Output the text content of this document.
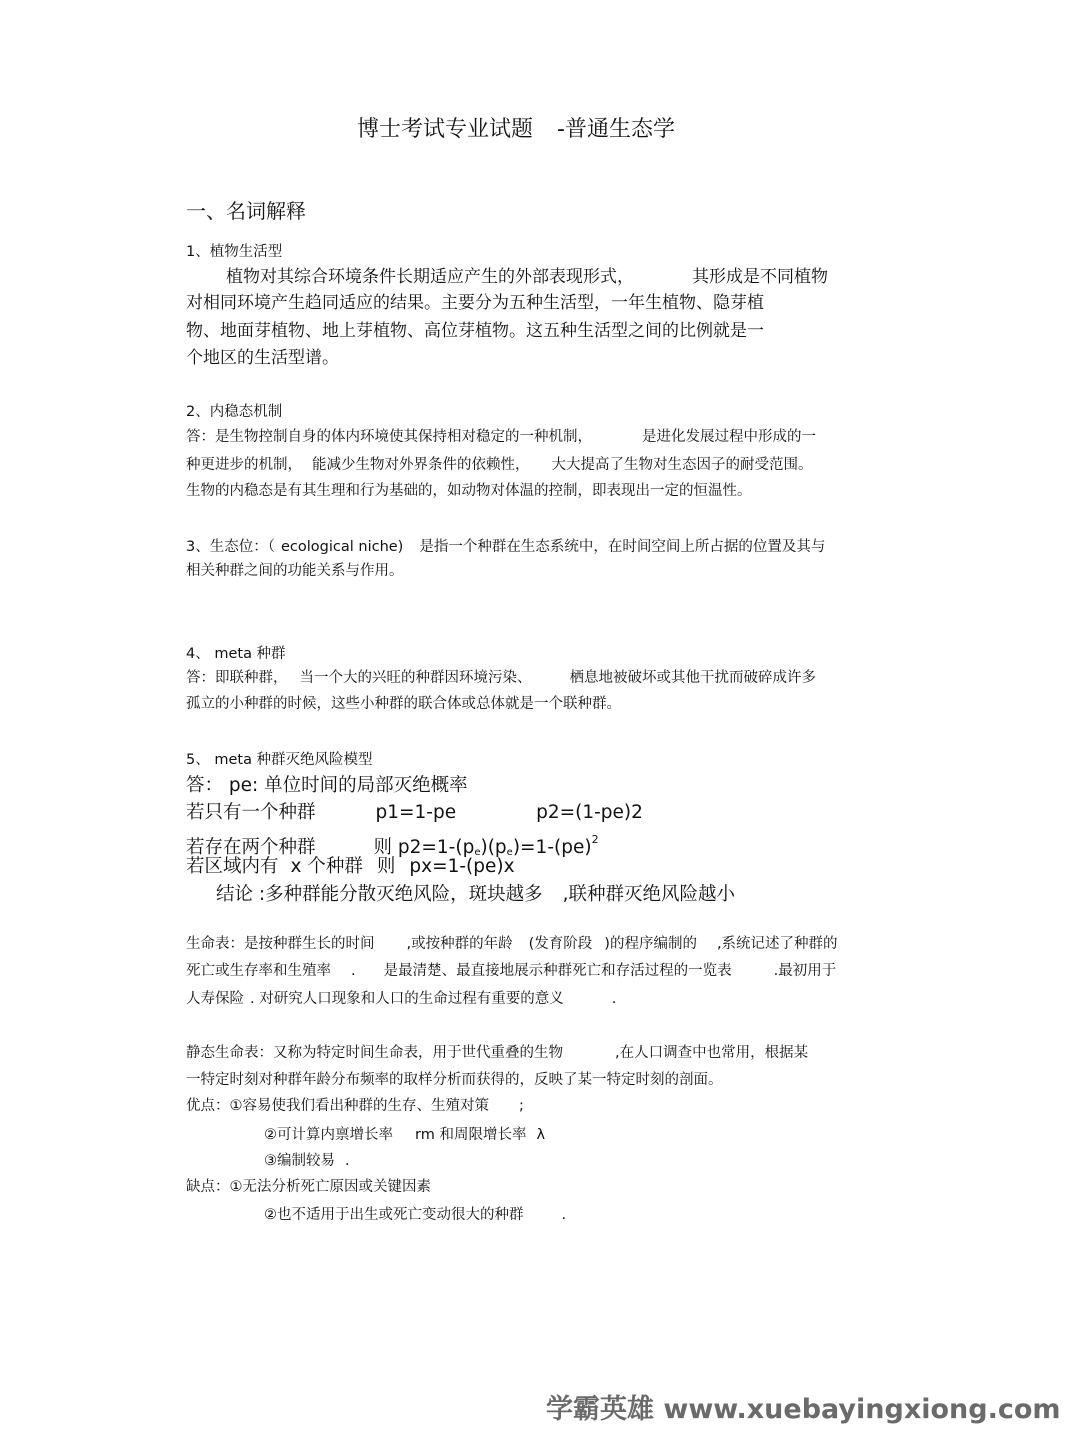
博士考试专业试题 -普通生态学
一、名词解释
1、植物生活型
植物对其综合环境条件长期适应产生的外部表现形式，	其形成是不同植物
对相同环境产生趋同适应的结果。主要分为五种生活型，一年生植物、隐芽植
物、地面芽植物、地上芽植物、高位芽植物。这五种生活型之间的比例就是一
个地区的生活型谱。
2、内稳态机制
答：是生物控制自身的体内环境使其保持相对稳定的一种机制，	是进化发展过程中形成的一
种更进步的机制， 能减少生物对外界条件的依赖性， 大大提高了生物对生态因子的耐受范围。
生物的内稳态是有其生理和行为基础的，如动物对体温的控制，即表现出一定的恒温性。
3、生态位：（ ecological niche) 是指一个种群在生态系统中，在时间空间上所占据的位置及其与
相关种群之间的功能关系与作用。
4、 meta 种群
答：即联种群， 当一个大的兴旺的种群因环境污染、	栖息地被破坏或其他干扰而破碎成许多
孤立的小种群的时候，这些小种群的联合体或总体就是一个联种群。
5、 meta 种群灭绝风险模型
答： pe: 单位时间的局部灭绝概率
若只有一个种群	p1=1-pe	p2=(1-pe)2
若存在两个种群	则 $p2=1-(p_e)(p_e)=1-(pe)^2$
若区域内有 x 个种群 则 px=1-(pe)x
结论 :多种群能分散灭绝风险，斑块越多 ,联种群灭绝风险越小
生命表：是按种群生长的时间 ,或按种群的年龄 (发育阶段 )的程序编制的 ,系统记述了种群的
死亡或生存率和生殖率 . 是最清楚、最直接地展示种群死亡和存活过程的一览表	.最初用于
人寿保险 . 对研究人口现象和人口的生命过程有重要的意义	.
静态生命表：又称为特定时间生命表，用于世代重叠的生物	,在人口调查中也常用，根据某
一特定时刻对种群年龄分布频率的取样分析而获得的，反映了某一特定时刻的剖面。
优点：①容易使我们看出种群的生存、生殖对策 ;
②可计算内禀增长率 rm 和周限增长率 λ
③编制较易 .
缺点：①无法分析死亡原因或关键因素
②也不适用于出生或死亡变动很大的种群	.
学霸英雄 www.xuebayingxiong.com
